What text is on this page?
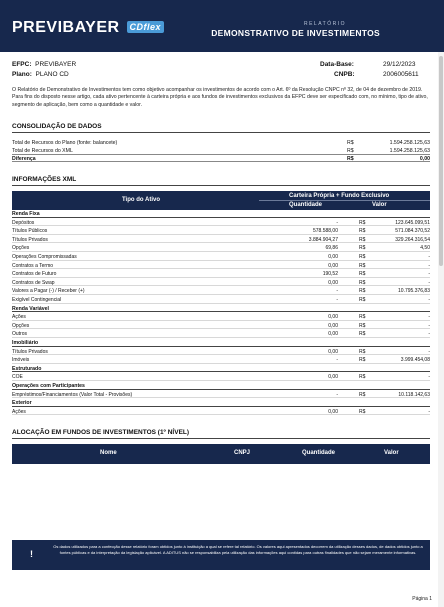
PREVIBAYER CDflex	RELATÓRIO
DEMONSTRATIVO DE INVESTIMENTOS
EFPC: PREVIBAYER
Plano: PLANO CD
Data-Base:	29/12/2023
CNPB:	2006005611
O Relatório de Demonstrativo de Investimentos tem como objetivo acompanhar os investimentos de acordo com o Art. 6º da Resolução CNPC nº 32, de 04 de dezembro de 2019. Para fins do disposto nesse artigo, cada ativo pertencente à carteira própria e aos fundos de investimentos exclusivos da EFPC deve ser especificado com, no mínimo, tipo de ativo, segmento de aplicação, bem como a quantidade e valor.
CONSOLIDAÇÃO DE DADOS
Total de Recursos do Plano (fonte: balancete)	R$	1.594.258.125,63
Total de Recursos do XML	R$	1.594.258.125,63
Diferença	R$	0,00
INFORMAÇÕES XML
Tipo do Ativo
Carteira Própria + Fundo Exclusivo
Quantidade	Valor
Renda Fixa
Depósitos	-	R$	123.645.099,51
Títulos Públicos	578.588,00	R$	571.084.370,52
Títulos Privados	3.884.904,27	R$	329.264.316,54
Opções	69,86	R$	4,50
Operações Compromissadas	0,00	R$	-
Contratos a Termo	0,00	R$	-
Contratos de Futuro	190,52	R$	-
Contratos de Swap	0,00	R$	-
Valores a Pagar (-) / Receber (+)	-	R$	10.795.376,83
Exigível Contingencial	-	R$	-
Renda Variável
Ações	0,00	R$	-
Opções	0,00	R$	-
Outros	0,00	R$	-
Imobiliário
Títulos Privados	0,00	R$	-
Imóveis	-	R$	3.999.454,08
Estruturado
COE	0,00	R$	-
Operações com Participantes
Empréstimos/Financiamentos (Valor Total - Provisões)	-	R$	10.118.142,63
Exterior
Ações	0,00	R$	-
ALOCAÇÃO EM FUNDOS DE INVESTIMENTOS (1º NÍVEL)
Nome	CNPJ	Quantidade	Valor
!
Os dados utilizados para a confecção desse relatório foram obtidos junto à instituição a qual se refere tal relatório. Os valores aqui apresentados decorrem da utilização desses dados, de dados obtidos junto a fontes públicas e da interpretação da legislação aplicável. A ADITUS não se responsabiliza pela utilização das informações aqui contidas para outras finalidades que não sejam meramente informativas.
Página 1
